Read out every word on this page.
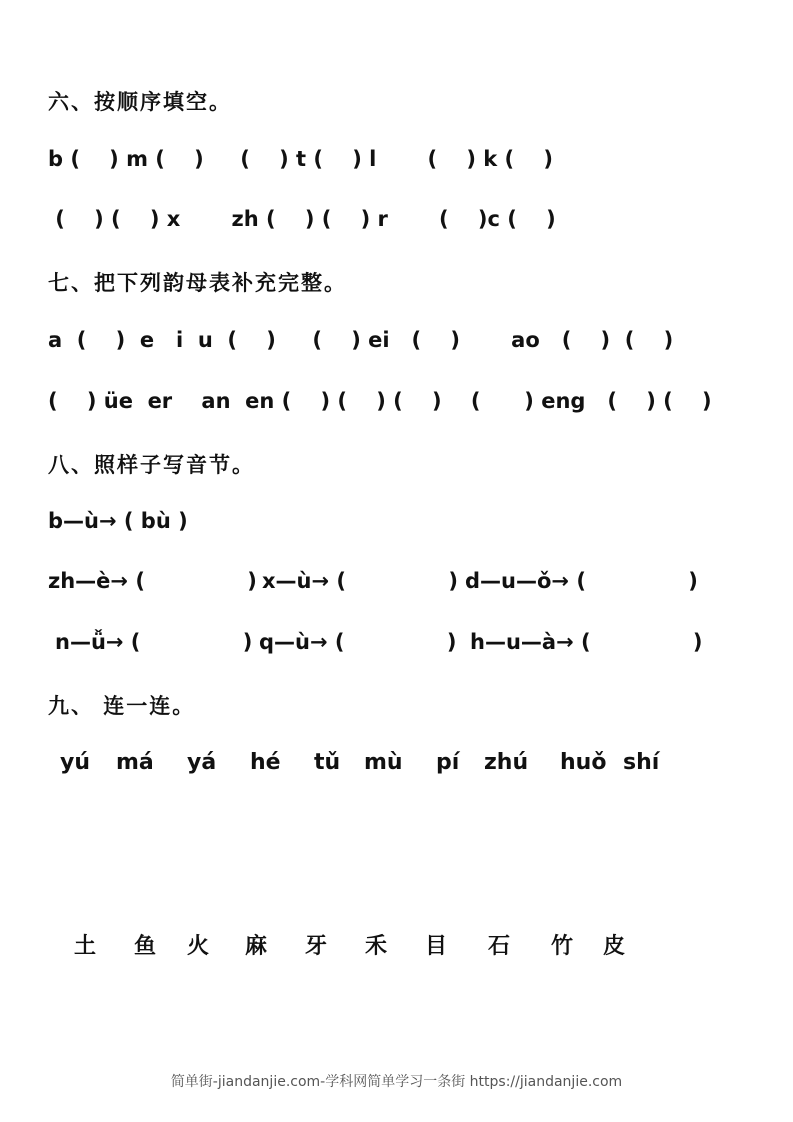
六、按顺序填空。
b (    ) m (    )     (    ) t (    ) l       (    ) k (    )
(    ) (    ) x       zh (    ) (    ) r       (    )c (    )
七、把下列韵母表补充完整。
a  (    )  e   i  u  (    )     (    ) ei   (    )       ao   (    )  (    )
(    ) üe  er    an  en (    ) (    ) (    )    (      ) eng   (    ) (    )
八、照样子写音节。
b—ù→ ( bù )
zh—è→ (              ) x—ù→ (              ) d—u—ǒ→ (              )
n—ǚ→ (              ) q—ù→ (              ) h—u—à→ (              )
九、 连一连。
yú má yá hé tǔ mù pí zhú huǒ shí
土 鱼 火 麻 牙 禾 目 石 竹 皮
简单街-jiandanjie.com-学科网简单学习一条街 https://jiandanjie.com
